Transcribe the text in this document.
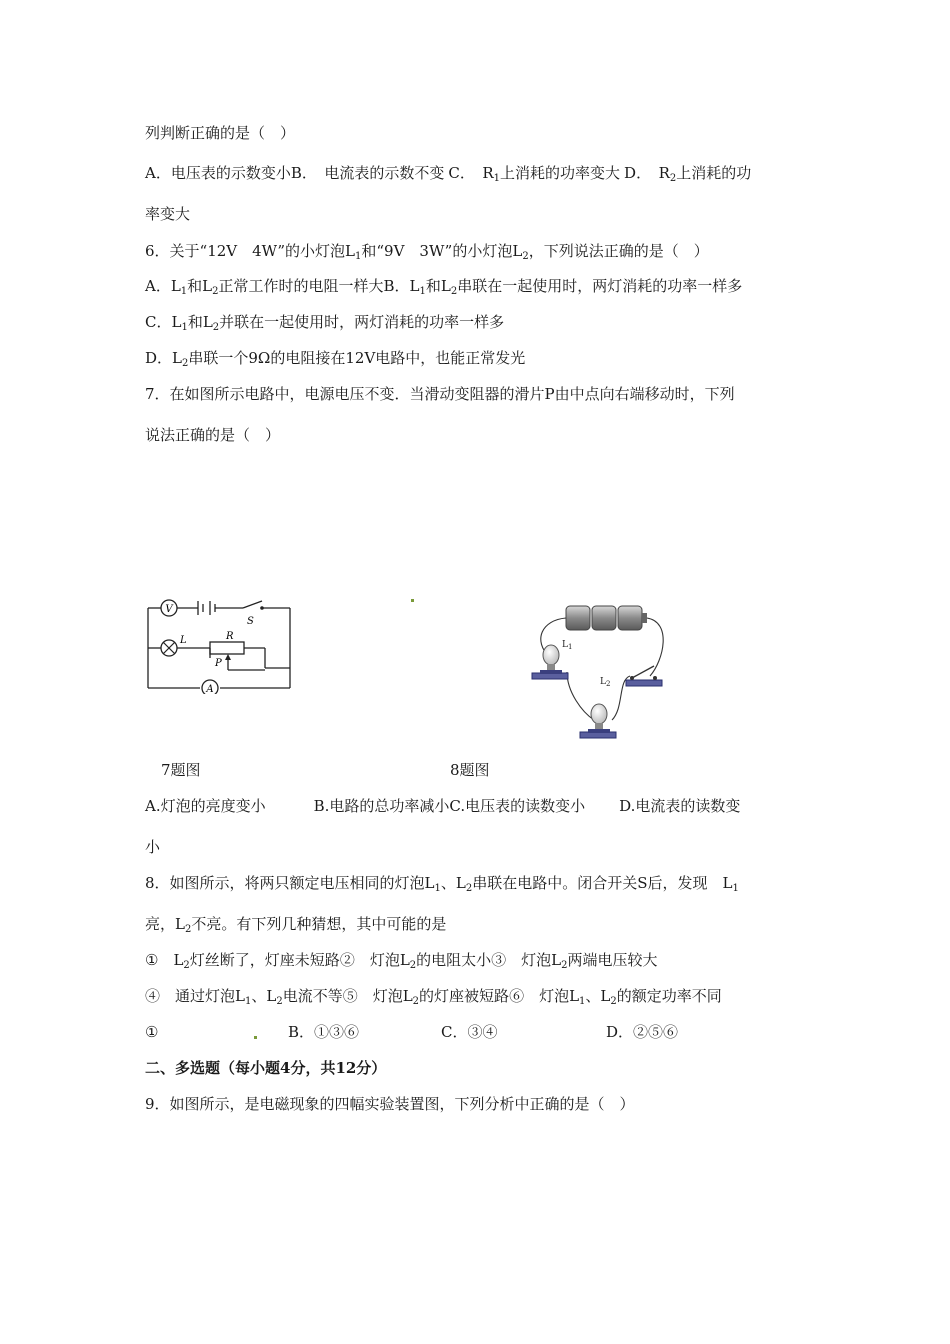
列判断正确的是（　）
A．电压表的示数变小B．　电流表的示数不变 C．　$R_1$上消耗的功率变大 D．　$R_2$上消耗的功
率变大
6．关于“12V　4W”的小灯泡$L_1$和“9V　3W”的小灯泡$L_2$，下列说法正确的是（　）
A．$L_1$和$L_2$正常工作时的电阻一样大B．$L_1$和$L_2$串联在一起使用时，两灯消耗的功率一样多
C．$L_1$和$L_2$并联在一起使用时，两灯消耗的功率一样多
D．$L_2$串联一个9Ω的电阻接在12V电路中，也能正常发光
7．在如图所示电路中，电源电压不变．当滑动变阻器的滑片P由中点向右端移动时，下列
说法正确的是（　）
V
L
A
R
P
S
$L_1$
$L_2$
7题图	8题图
A.灯泡的亮度变小	B.电路的总功率减小C.电压表的读数变小 D.电流表的读数变
小
8．如图所示，将两只额定电压相同的灯泡$L_1$、$L_2$串联在电路中。闭合开关S后，发现　$L_1$
亮，$L_2$不亮。有下列几种猜想，其中可能的是
①　$L_2$灯丝断了，灯座未短路②　灯泡$L_2$的电阻太小③　灯泡$L_2$两端电压较大
④　通过灯泡$L_1$、$L_2$电流不等⑤　灯泡$L_2$的灯座被短路⑥　灯泡$L_1$、$L_2$的额定功率不同
①	B．①③⑥	C．③④	D．②⑤⑥
二、多选题（每小题4分，共12分）
9．如图所示，是电磁现象的四幅实验装置图，下列分析中正确的是（　）
